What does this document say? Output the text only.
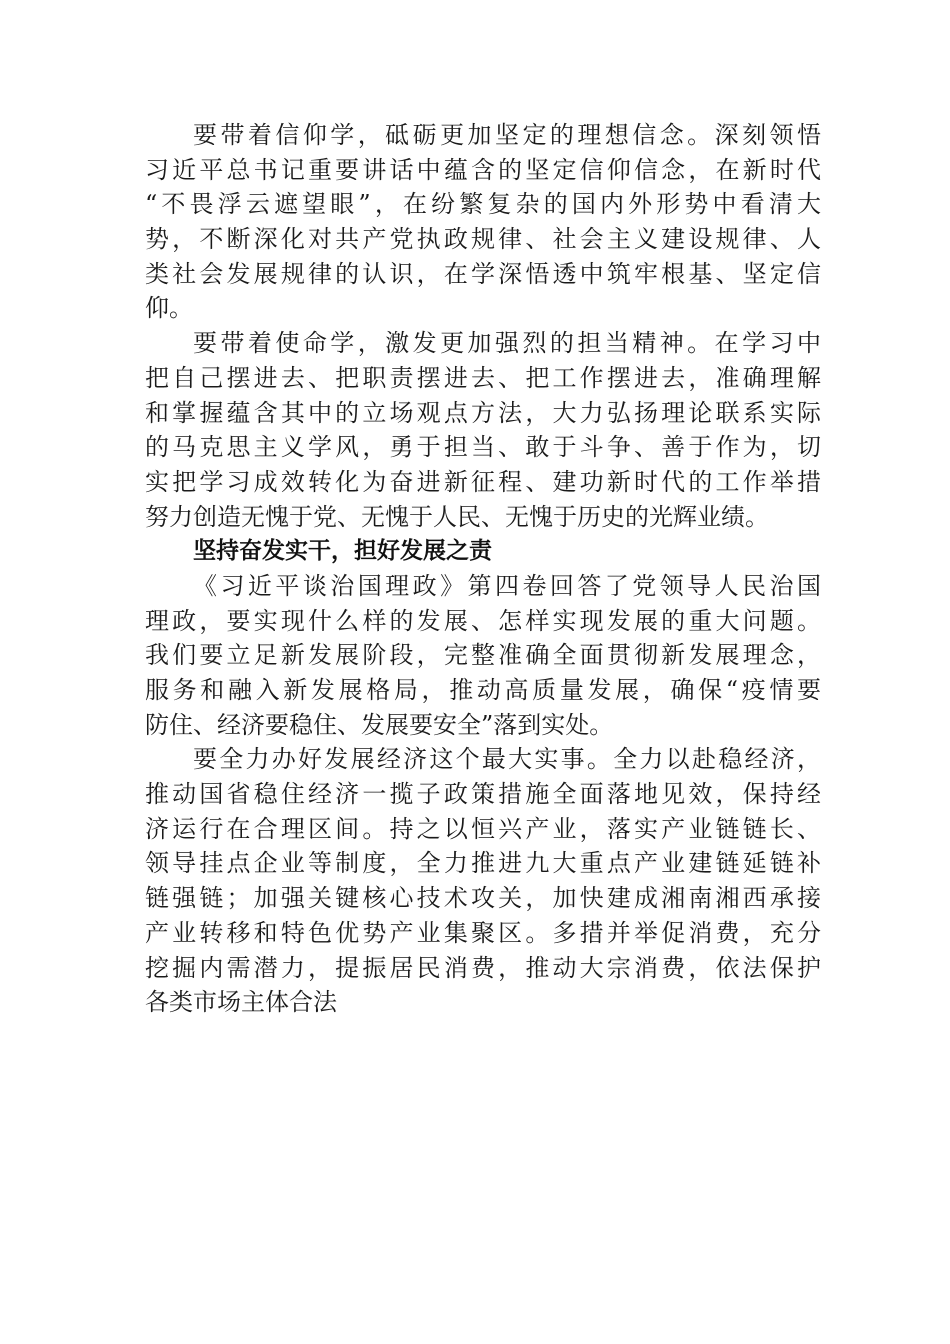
要带着信仰学，砥砺更加坚定的理想信念。深刻领悟
习近平总书记重要讲话中蕴含的坚定信仰信念，在新时代
“不畏浮云遮望眼”，在纷繁复杂的国内外形势中看清大
势，不断深化对共产党执政规律、社会主义建设规律、人
类社会发展规律的认识，在学深悟透中筑牢根基、坚定信
仰。
要带着使命学，激发更加强烈的担当精神。在学习中
把自己摆进去、把职责摆进去、把工作摆进去，准确理解
和掌握蕴含其中的立场观点方法，大力弘扬理论联系实际
的马克思主义学风，勇于担当、敢于斗争、善于作为，切
实把学习成效转化为奋进新征程、建功新时代的工作举措
努力创造无愧于党、无愧于人民、无愧于历史的光辉业绩。
坚持奋发实干，担好发展之责
《习近平谈治国理政》第四卷回答了党领导人民治国
理政，要实现什么样的发展、怎样实现发展的重大问题。
我们要立足新发展阶段，完整准确全面贯彻新发展理念，
服务和融入新发展格局，推动高质量发展，确保“疫情要
防住、经济要稳住、发展要安全”落到实处。
要全力办好发展经济这个最大实事。全力以赴稳经济，
推动国省稳住经济一揽子政策措施全面落地见效，保持经
济运行在合理区间。持之以恒兴产业，落实产业链链长、
领导挂点企业等制度，全力推进九大重点产业建链延链补
链强链；加强关键核心技术攻关，加快建成湘南湘西承接
产业转移和特色优势产业集聚区。多措并举促消费，充分
挖掘内需潜力，提振居民消费，推动大宗消费，依法保护
各类市场主体合法
